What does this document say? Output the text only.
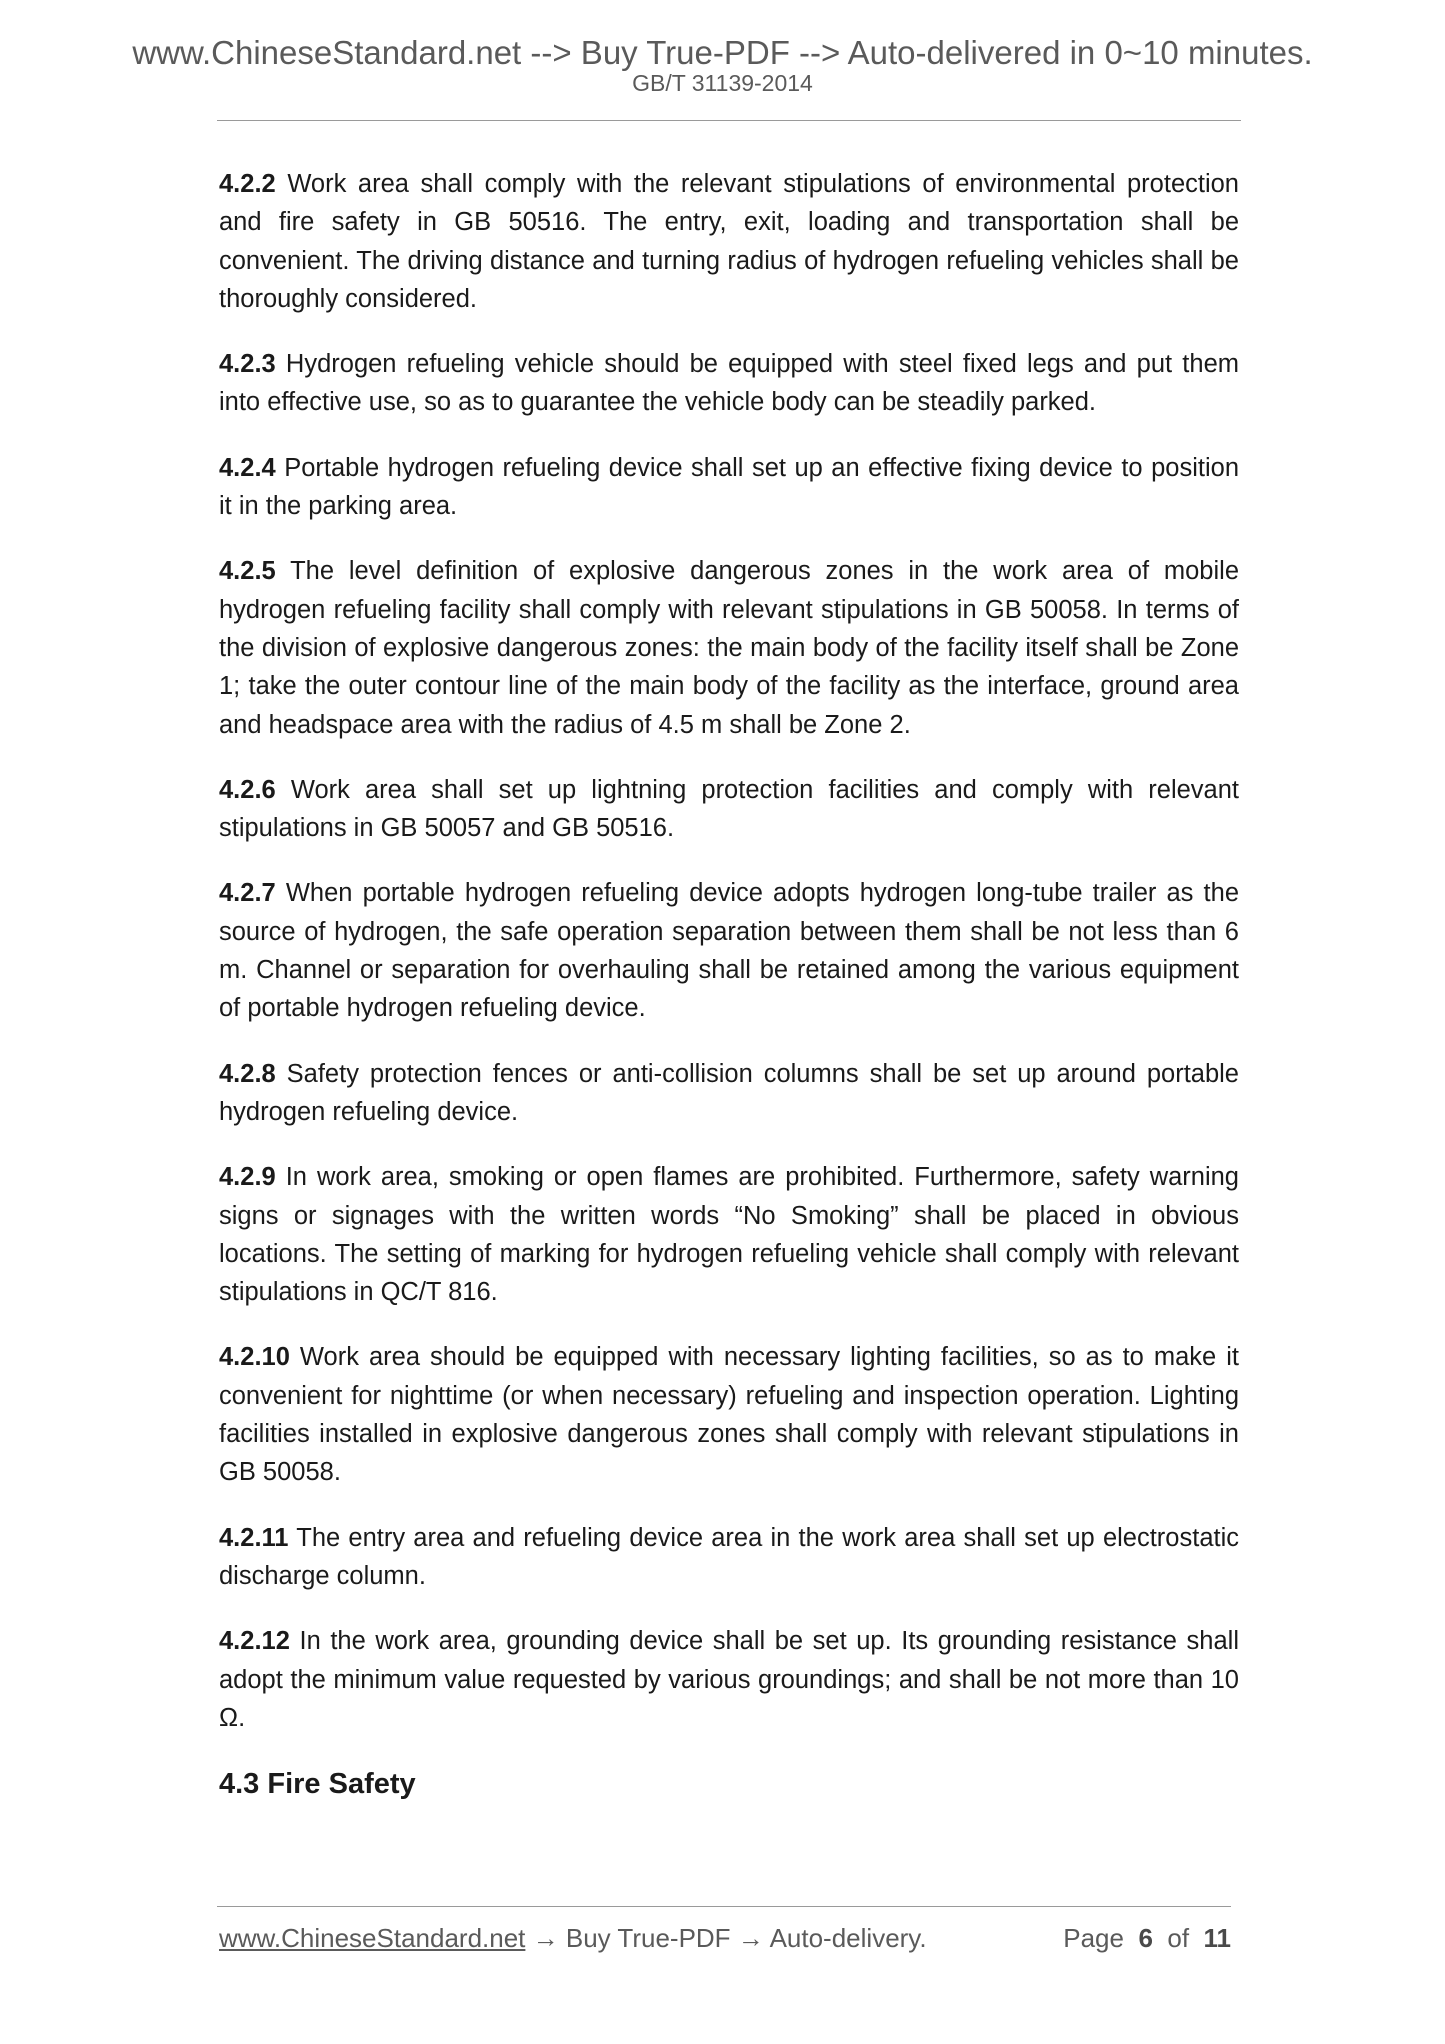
www.ChineseStandard.net --> Buy True-PDF --> Auto-delivered in 0~10 minutes.
GB/T 31139-2014

4.2.2 Work area shall comply with the relevant stipulations of environmental protection and fire safety in GB 50516. The entry, exit, loading and transportation shall be convenient. The driving distance and turning radius of hydrogen refueling vehicles shall be thoroughly considered.

4.2.3 Hydrogen refueling vehicle should be equipped with steel fixed legs and put them into effective use, so as to guarantee the vehicle body can be steadily parked.

4.2.4 Portable hydrogen refueling device shall set up an effective fixing device to position it in the parking area.

4.2.5 The level definition of explosive dangerous zones in the work area of mobile hydrogen refueling facility shall comply with relevant stipulations in GB 50058. In terms of the division of explosive dangerous zones: the main body of the facility itself shall be Zone 1; take the outer contour line of the main body of the facility as the interface, ground area and headspace area with the radius of 4.5 m shall be Zone 2.

4.2.6 Work area shall set up lightning protection facilities and comply with relevant stipulations in GB 50057 and GB 50516.

4.2.7 When portable hydrogen refueling device adopts hydrogen long-tube trailer as the source of hydrogen, the safe operation separation between them shall be not less than 6 m. Channel or separation for overhauling shall be retained among the various equipment of portable hydrogen refueling device.

4.2.8 Safety protection fences or anti-collision columns shall be set up around portable hydrogen refueling device.

4.2.9 In work area, smoking or open flames are prohibited. Furthermore, safety warning signs or signages with the written words “No Smoking” shall be placed in obvious locations. The setting of marking for hydrogen refueling vehicle shall comply with relevant stipulations in QC/T 816.

4.2.10 Work area should be equipped with necessary lighting facilities, so as to make it convenient for nighttime (or when necessary) refueling and inspection operation. Lighting facilities installed in explosive dangerous zones shall comply with relevant stipulations in GB 50058.

4.2.11 The entry area and refueling device area in the work area shall set up electrostatic discharge column.

4.2.12 In the work area, grounding device shall be set up. Its grounding resistance shall adopt the minimum value requested by various groundings; and shall be not more than 10 Ω.

4.3 Fire Safety
www.ChineseStandard.net → Buy True-PDF → Auto-delivery.	Page 6 of 11
